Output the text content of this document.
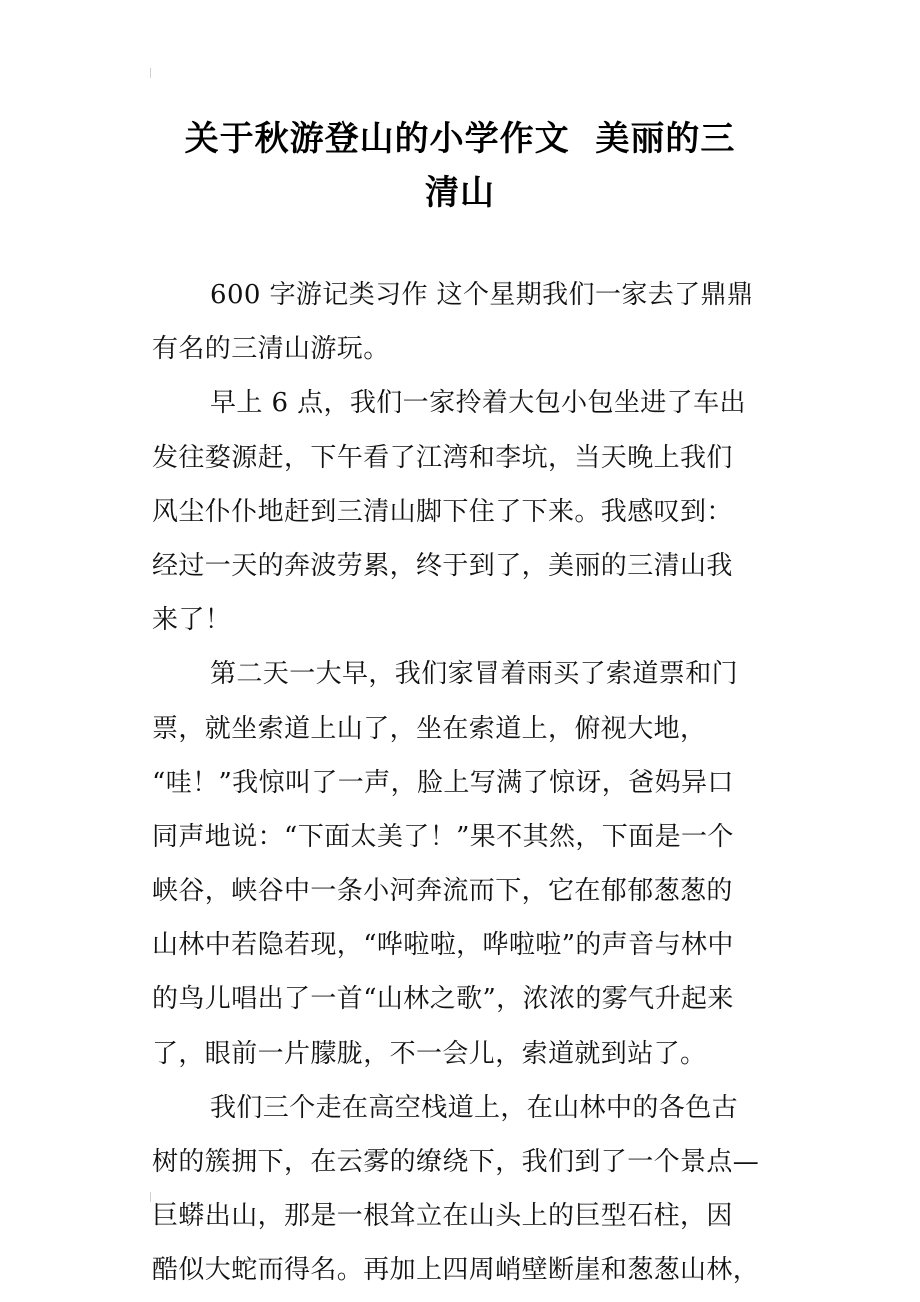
关于秋游登山的小学作文  美丽的三
清山
600 字游记类习作 这个星期我们一家去了鼎鼎
有名的三清山游玩。
早上 6 点，我们一家拎着大包小包坐进了车出
发往婺源赶，下午看了江湾和李坑，当天晚上我们
风尘仆仆地赶到三清山脚下住了下来。我感叹到：
经过一天的奔波劳累，终于到了，美丽的三清山我
来了！
第二天一大早，我们家冒着雨买了索道票和门
票，就坐索道上山了，坐在索道上，俯视大地，
“哇！”我惊叫了一声，脸上写满了惊讶，爸妈异口
同声地说：“下面太美了！”果不其然，下面是一个
峡谷，峡谷中一条小河奔流而下，它在郁郁葱葱的
山林中若隐若现，“哗啦啦，哗啦啦”的声音与林中
的鸟儿唱出了一首“山林之歌”，浓浓的雾气升起来
了，眼前一片朦胧，不一会儿，索道就到站了。
我们三个走在高空栈道上，在山林中的各色古
树的簇拥下，在云雾的缭绕下，我们到了一个景点—
巨蟒出山，那是一根耸立在山头上的巨型石柱，因
酷似大蛇而得名。再加上四周峭壁断崖和葱葱山林，
